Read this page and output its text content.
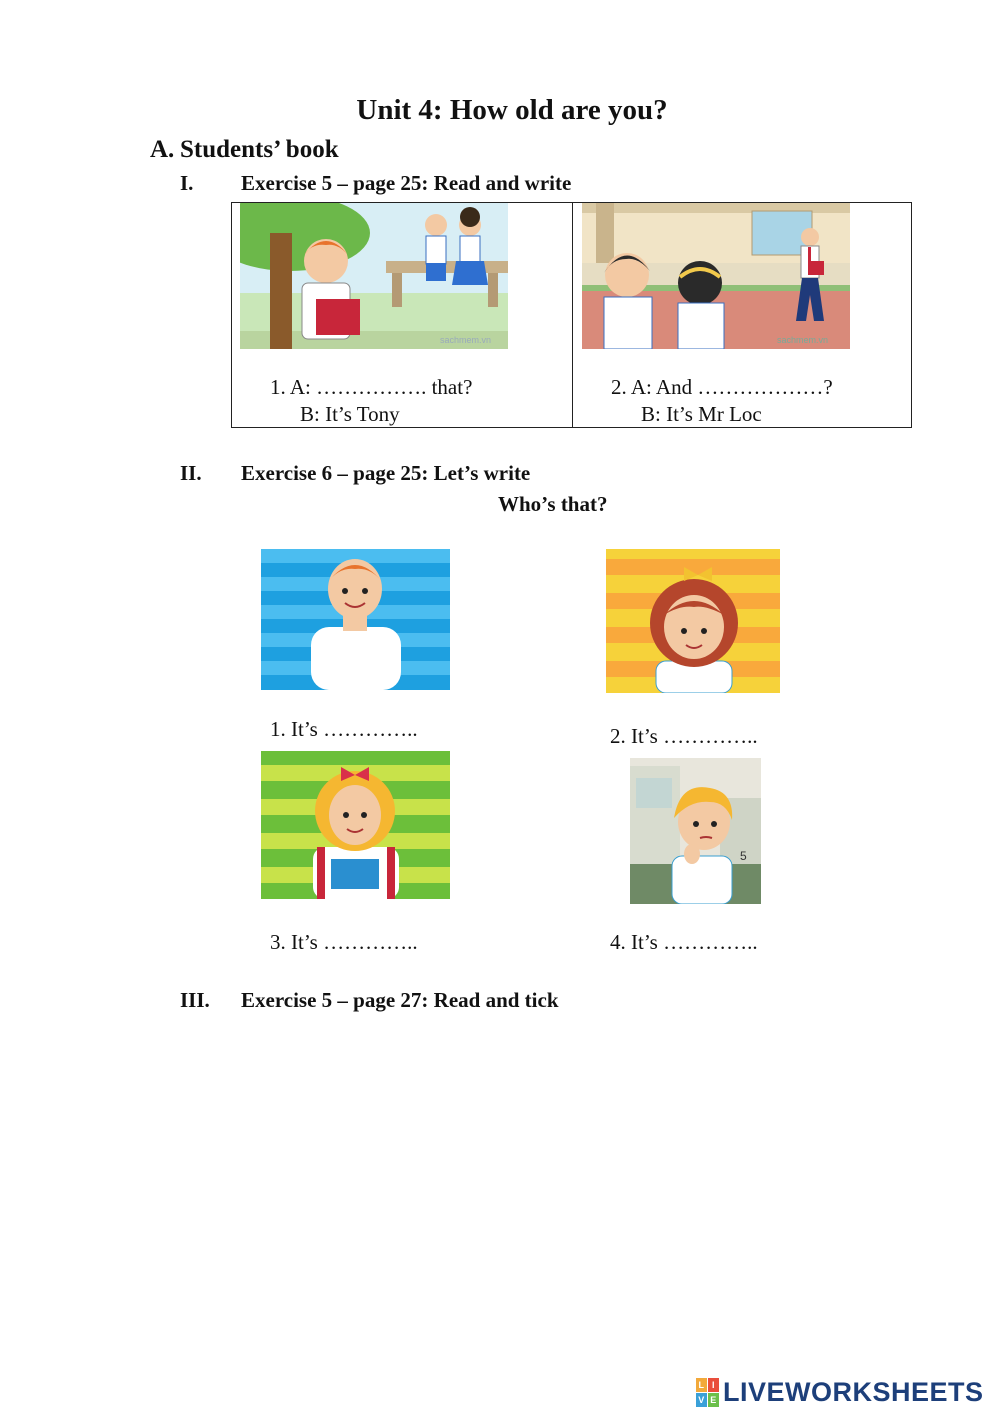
Unit 4: How old are you?
A. Students’ book
I. Exercise 5 – page 25: Read and write
sachmem.vn	sachmem.vn
1. A: ……………. that?
B: It’s Tony
2. A: And ………………?
B: It’s Mr Loc
II. Exercise 6 – page 25: Let’s write
Who’s that?
1. It’s …………..	2. It’s …………..
5
3. It’s …………..	4. It’s …………..
III. Exercise 5 – page 27: Read and tick
L I
V E LIVEWORKSHEETS
